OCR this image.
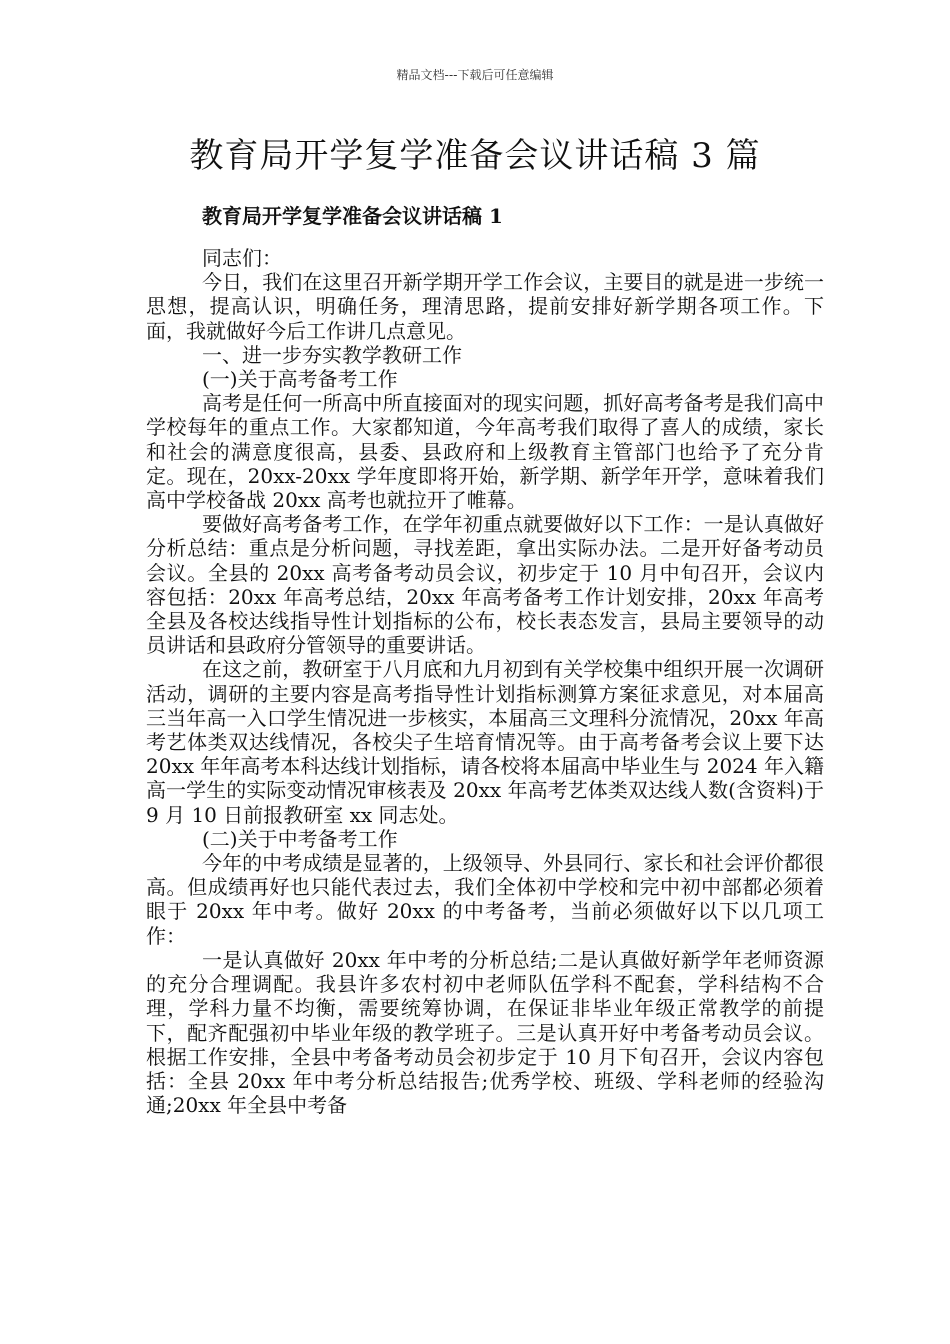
精品文档---下载后可任意编辑
教育局开学复学准备会议讲话稿 3 篇
教育局开学复学准备会议讲话稿 1

同志们：

今日，我们在这里召开新学期开学工作会议，主要目的就是进一步统一思想，提高认识，明确任务，理清思路，提前安排好新学期各项工作。下面，我就做好今后工作讲几点意见。

一、进一步夯实教学教研工作

(一)关于高考备考工作

高考是任何一所高中所直接面对的现实问题，抓好高考备考是我们高中学校每年的重点工作。大家都知道，今年高考我们取得了喜人的成绩，家长和社会的满意度很高，县委、县政府和上级教育主管部门也给予了充分肯定。现在，20xx-20xx 学年度即将开始，新学期、新学年开学，意味着我们高中学校备战 20xx 高考也就拉开了帷幕。

要做好高考备考工作，在学年初重点就要做好以下工作：一是认真做好分析总结：重点是分析问题，寻找差距，拿出实际办法。二是开好备考动员会议。全县的 20xx 高考备考动员会议，初步定于 10 月中旬召开，会议内容包括：20xx 年高考总结，20xx 年高考备考工作计划安排，20xx 年高考全县及各校达线指导性计划指标的公布，校长表态发言，县局主要领导的动员讲话和县政府分管领导的重要讲话。

在这之前，教研室于八月底和九月初到有关学校集中组织开展一次调研活动，调研的主要内容是高考指导性计划指标测算方案征求意见，对本届高三当年高一入口学生情况进一步核实，本届高三文理科分流情况，20xx 年高考艺体类双达线情况，各校尖子生培育情况等。由于高考备考会议上要下达 20xx 年年高考本科达线计划指标，请各校将本届高中毕业生与 2024 年入籍高一学生的实际变动情况审核表及 20xx 年高考艺体类双达线人数(含资料)于 9 月 10 日前报教研室 xx 同志处。

(二)关于中考备考工作

今年的中考成绩是显著的，上级领导、外县同行、家长和社会评价都很高。但成绩再好也只能代表过去，我们全体初中学校和完中初中部都必须着眼于 20xx 年中考。做好 20xx 的中考备考，当前必须做好以下以几项工作：

一是认真做好 20xx 年中考的分析总结;二是认真做好新学年老师资源的充分合理调配。我县许多农村初中老师队伍学科不配套，学科结构不合理，学科力量不均衡，需要统筹协调，在保证非毕业年级正常教学的前提下，配齐配强初中毕业年级的教学班子。三是认真开好中考备考动员会议。根据工作安排，全县中考备考动员会初步定于 10 月下旬召开，会议内容包括：全县 20xx 年中考分析总结报告;优秀学校、班级、学科老师的经验沟通;20xx 年全县中考备
